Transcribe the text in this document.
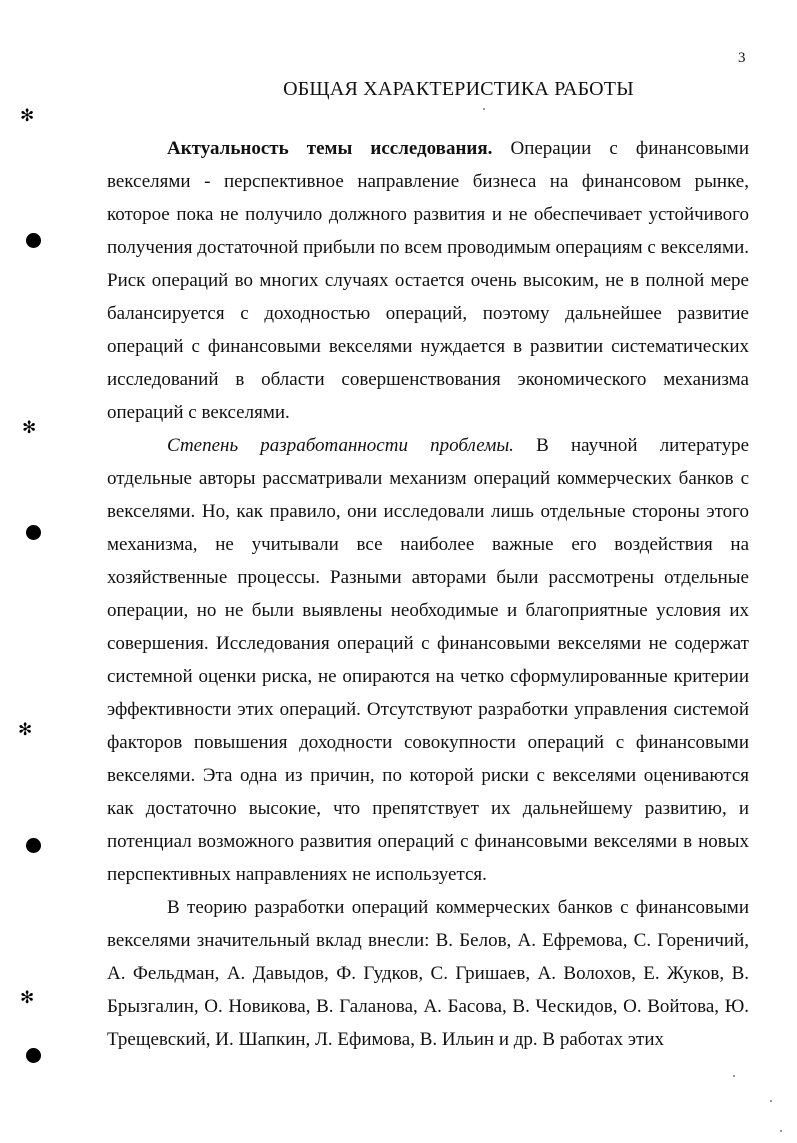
3
ОБЩАЯ ХАРАКТЕРИСТИКА РАБОТЫ

Актуальность темы исследования. Операции с финансовыми векселями - перспективное направление бизнеса на финансовом рынке, которое пока не получило должного развития и не обеспечивает устойчивого получения достаточной прибыли по всем проводимым операциям с векселями. Риск операций во многих случаях остается очень высоким, не в полной мере балансируется с доходностью операций, поэтому дальнейшее развитие операций с финансовыми векселями нуждается в развитии систематических исследований в области совершенствования экономического механизма операций с векселями.

Степень разработанности проблемы. В научной литературе отдельные авторы рассматривали механизм операций коммерческих банков с векселями. Но, как правило, они исследовали лишь отдельные стороны этого механизма, не учитывали все наиболее важные его воздействия на хозяйственные процессы. Разными авторами были рассмотрены отдельные операции, но не были выявлены необходимые и благоприятные условия их совершения. Исследования операций с финансовыми векселями не содержат системной оценки риска, не опираются на четко сформулированные критерии эффективности этих операций. Отсутствуют разработки управления системой факторов повышения доходности совокупности операций с финансовыми векселями. Эта одна из причин, по которой риски с векселями оцениваются как достаточно высокие, что препятствует их дальнейшему развитию, и потенциал возможного развития операций с финансовыми векселями в новых перспективных направлениях не используется.

В теорию разработки операций коммерческих банков с финансовыми векселями значительный вклад внесли: В. Белов, А. Ефремова, С. Гореничий, А. Фельдман, А. Давыдов, Ф. Гудков, С. Гришаев, А. Волохов, Е. Жуков, В. Брызгалин, О. Новикова, В. Галанова, А. Басова, В. Ческидов, О. Войтова, Ю. Трещевский, И. Шапкин, Л. Ефимова, В. Ильин и др. В работах этих

✻
✻
✻
✻
